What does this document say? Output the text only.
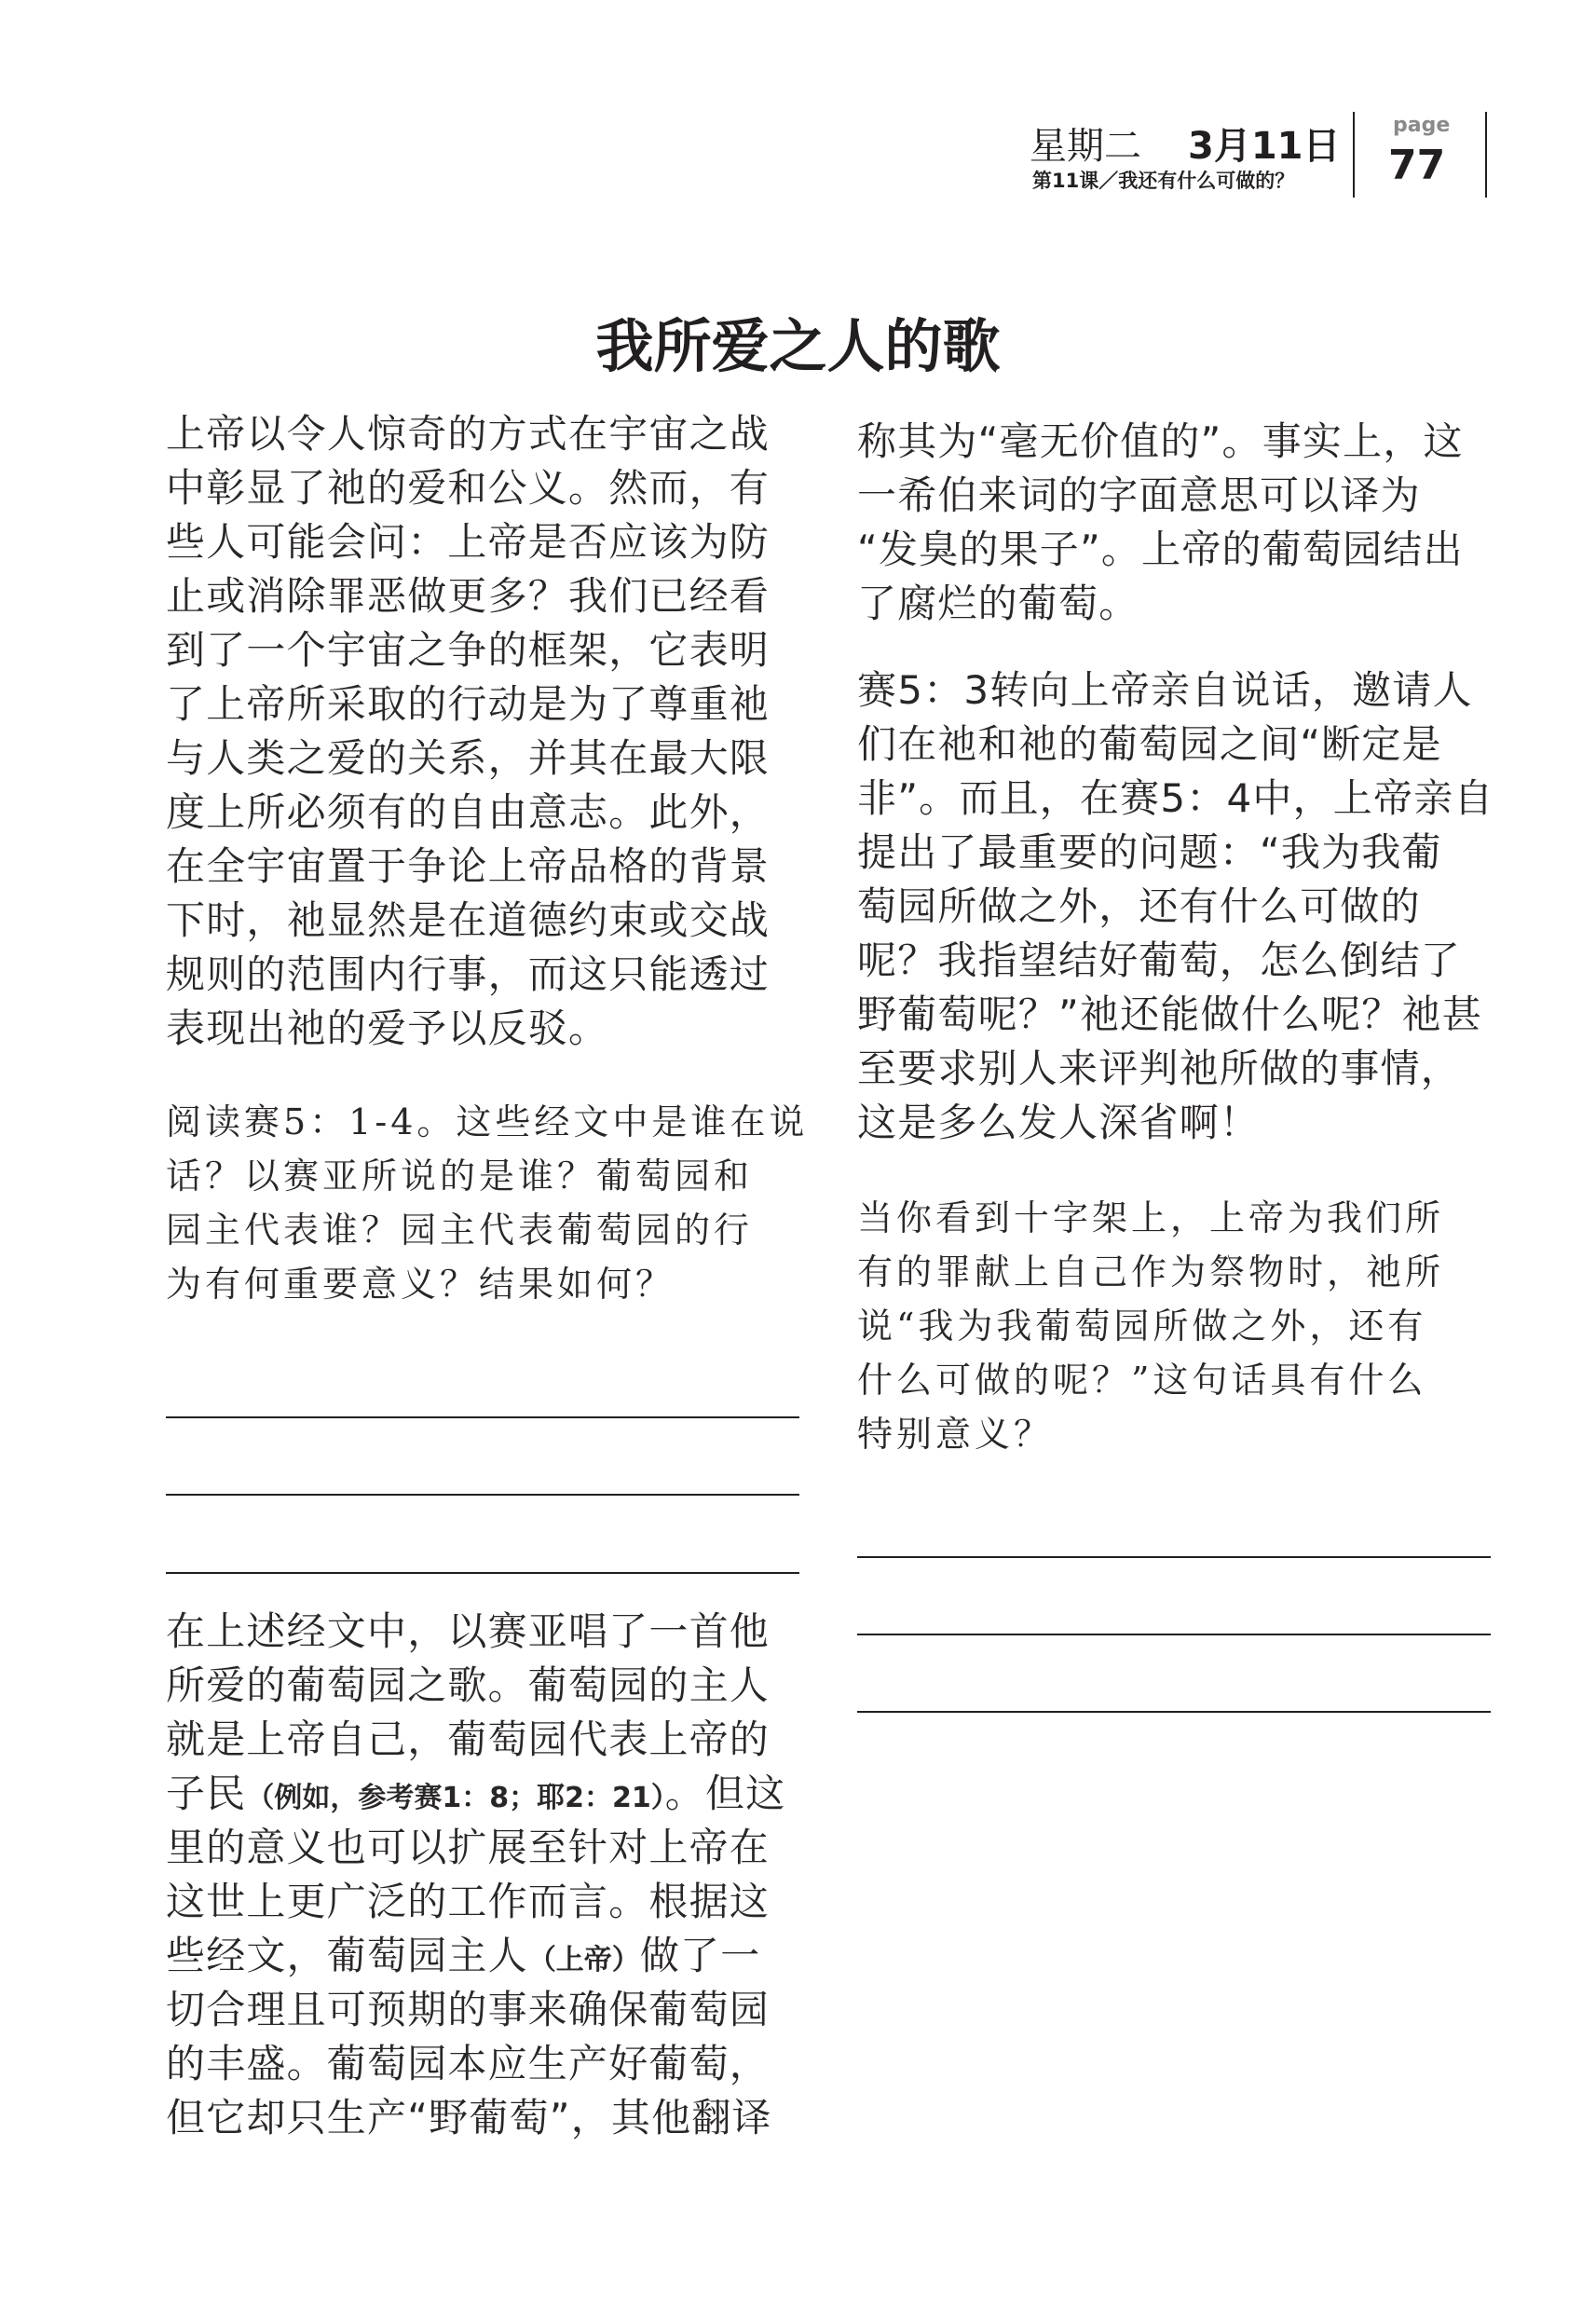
星期二 3月11日
第11课／我还有什么可做的？
page
77
我所爱之人的歌
上帝以令人惊奇的方式在宇宙之战
中彰显了祂的爱和公义。然而，有
些人可能会问：上帝是否应该为防
止或消除罪恶做更多？我们已经看
到了一个宇宙之争的框架，它表明
了上帝所采取的行动是为了尊重祂
与人类之爱的关系，并其在最大限
度上所必须有的自由意志。此外，
在全宇宙置于争论上帝品格的背景
下时，祂显然是在道德约束或交战
规则的范围内行事，而这只能透过
表现出祂的爱予以反驳。
阅读赛5：1-4。这些经文中是谁在说
话？以赛亚所说的是谁？葡萄园和
园主代表谁？园主代表葡萄园的行
为有何重要意义？结果如何？
在上述经文中，以赛亚唱了一首他
所爱的葡萄园之歌。葡萄园的主人
就是上帝自己，葡萄园代表上帝的
子民（例如，参考赛1：8；耶2：21）。但这
里的意义也可以扩展至针对上帝在
这世上更广泛的工作而言。根据这
些经文，葡萄园主人（上帝）做了一
切合理且可预期的事来确保葡萄园
的丰盛。葡萄园本应生产好葡萄，
但它却只生产“野葡萄”，其他翻译
称其为“毫无价值的”。事实上，这
一希伯来词的字面意思可以译为
“发臭的果子”。上帝的葡萄园结出
了腐烂的葡萄。
赛5：3转向上帝亲自说话，邀请人
们在祂和祂的葡萄园之间“断定是
非”。而且，在赛5：4中，上帝亲自
提出了最重要的问题：“我为我葡
萄园所做之外，还有什么可做的
呢？我指望结好葡萄，怎么倒结了
野葡萄呢？”祂还能做什么呢？祂甚
至要求别人来评判祂所做的事情，
这是多么发人深省啊！
当你看到十字架上，上帝为我们所
有的罪献上自己作为祭物时，祂所
说“我为我葡萄园所做之外，还有
什么可做的呢？”这句话具有什么
特别意义？
